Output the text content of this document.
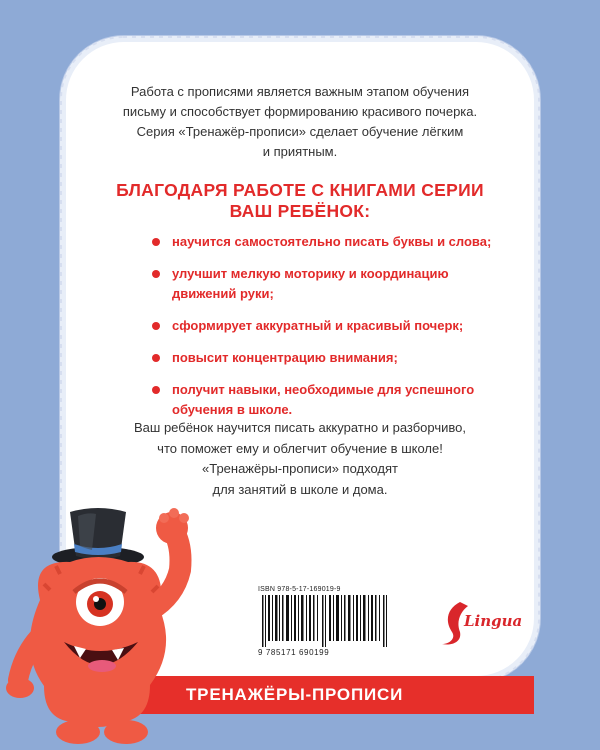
Работа с прописями является важным этапом обучения

письму и способствует формированию красивого почерка.

Серия «Тренажёр-прописи» сделает обучение лёгким

и приятным.

БЛАГОДАРЯ РАБОТЕ С КНИГАМИ СЕРИИ

ВАШ РЕБЁНОК:

научится самостоятельно писать буквы и слова;
улучшит мелкую моторику и координацию
движений руки;
сформирует аккуратный и красивый почерк;
повысит концентрацию внимания;
получит навыки, необходимые для успешного
обучения в школе.

Ваш ребёнок научится писать аккуратно и разборчиво,

что поможет ему и облегчит обучение в школе!

«Тренажёры-прописи» подходят

для занятий в школе и дома.

ISBN 978-5-17-169019-9
9 785171 690199
Lingua
ТРЕНАЖЁРЫ-ПРОПИСИ
